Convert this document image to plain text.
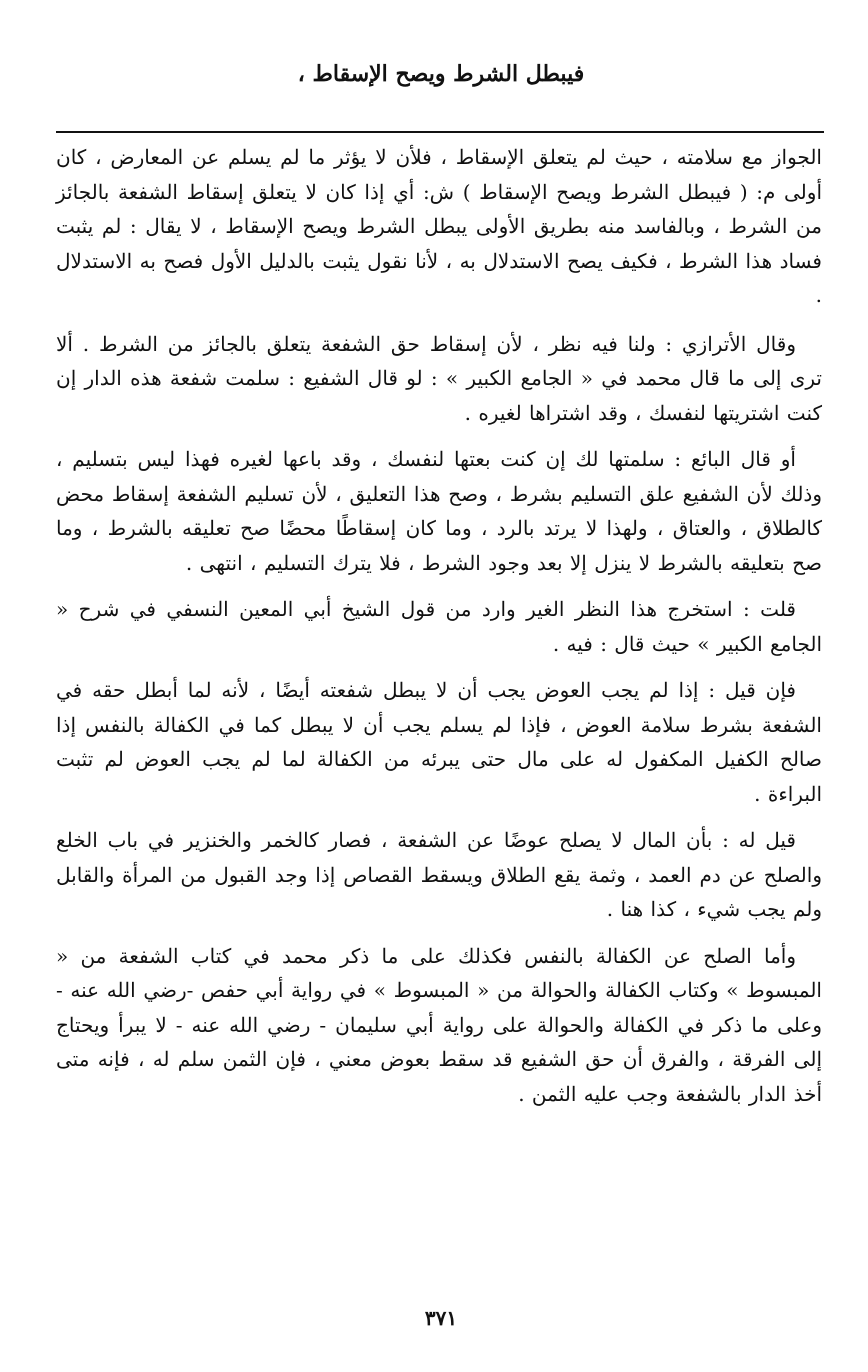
فيبطل الشرط ويصح الإسقاط ،

الجواز مع سلامته ، حيث لم يتعلق الإسقاط ، فلأن لا يؤثر ما لم يسلم عن المعارض ، كان أولى م: ( فيبطل الشرط ويصح الإسقاط ) ش: أي إذا كان لا يتعلق إسقاط الشفعة بالجائز من الشرط ، وبالفاسد منه بطريق الأولى يبطل الشرط ويصح الإسقاط ، لا يقال : لم يثبت فساد هذا الشرط ، فكيف يصح الاستدلال به ، لأنا نقول يثبت بالدليل الأول فصح به الاستدلال .

وقال الأترازي : ولنا فيه نظر ، لأن إسقاط حق الشفعة يتعلق بالجائز من الشرط . ألا ترى إلى ما قال محمد في « الجامع الكبير » : لو قال الشفيع : سلمت شفعة هذه الدار إن كنت اشتريتها لنفسك ، وقد اشتراها لغيره .

أو قال البائع : سلمتها لك إن كنت بعتها لنفسك ، وقد باعها لغيره فهذا ليس بتسليم ، وذلك لأن الشفيع علق التسليم بشرط ، وصح هذا التعليق ، لأن تسليم الشفعة إسقاط محض كالطلاق ، والعتاق ، ولهذا لا يرتد بالرد ، وما كان إسقاطًا محضًا صح تعليقه بالشرط ، وما صح بتعليقه بالشرط لا ينزل إلا بعد وجود الشرط ، فلا يترك التسليم ، انتهى .

قلت : استخرج هذا النظر الغير وارد من قول الشيخ أبي المعين النسفي في شرح « الجامع الكبير » حيث قال : فيه .

فإن قيل : إذا لم يجب العوض يجب أن لا يبطل شفعته أيضًا ، لأنه لما أبطل حقه في الشفعة بشرط سلامة العوض ، فإذا لم يسلم يجب أن لا يبطل كما في الكفالة بالنفس إذا صالح الكفيل المكفول له على مال حتى يبرئه من الكفالة لما لم يجب العوض لم تثبت البراءة .

قيل له : بأن المال لا يصلح عوضًا عن الشفعة ، فصار كالخمر والخنزير في باب الخلع والصلح عن دم العمد ، وثمة يقع الطلاق ويسقط القصاص إذا وجد القبول من المرأة والقابل ولم يجب شيء ، كذا هنا .

وأما الصلح عن الكفالة بالنفس فكذلك على ما ذكر محمد في كتاب الشفعة من « المبسوط » وكتاب الكفالة والحوالة من « المبسوط » في رواية أبي حفص -رضي الله عنه - وعلى ما ذكر في الكفالة والحوالة على رواية أبي سليمان - رضي الله عنه - لا يبرأ ويحتاج إلى الفرقة ، والفرق أن حق الشفيع قد سقط بعوض معني ، فإن الثمن سلم له ، فإنه متى أخذ الدار بالشفعة وجب عليه الثمن .

٣٧١
